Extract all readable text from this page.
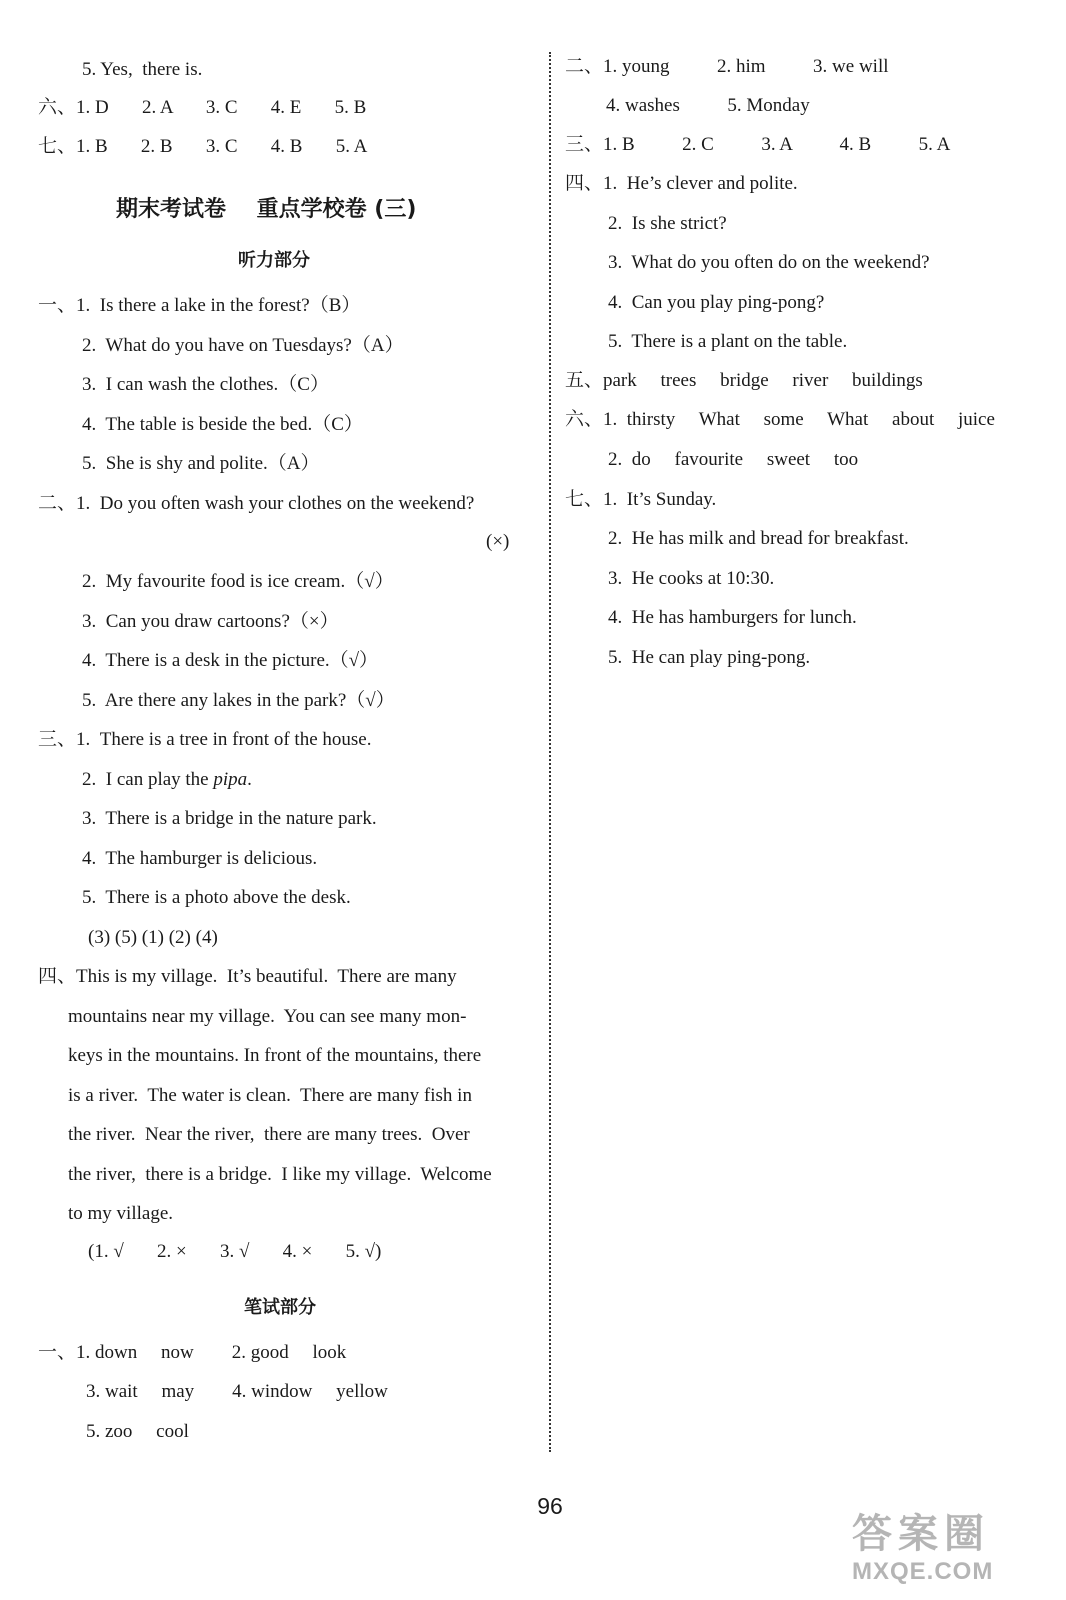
5. Yes,  there is.
六、1. D       2. A       3. C       4. E       5. B
七、1. B       2. B       3. C       4. B       5. A
期末考试卷    重点学校卷 (三)
听力部分
一、1.  Is there a lake in the forest?（B）
2.  What do you have on Tuesdays?（A）
3.  I can wash the clothes.（C）
4.  The table is beside the bed.（C）
5.  She is shy and polite.（A）
二、1.  Do you often wash your clothes on the weekend?
(×)
2.  My favourite food is ice cream.（√）
3.  Can you draw cartoons?（×）
4.  There is a desk in the picture.（√）
5.  Are there any lakes in the park?（√）
三、1.  There is a tree in front of the house.
2.  I can play the pipa.
3.  There is a bridge in the nature park.
4.  The hamburger is delicious.
5.  There is a photo above the desk.
(3) (5) (1) (2) (4)
四、This is my village.  It’s beautiful.  There are many
mountains near my village.  You can see many mon-
keys in the mountains. In front of the mountains, there
is a river.  The water is clean.  There are many fish in
the river.  Near the river,  there are many trees.  Over
the river,  there is a bridge.  I like my village.  Welcome
to my village.
(1. √       2. ×       3. √       4. ×       5. √)
笔试部分
一、1. down     now        2. good     look
3. wait     may        4. window     yellow
5. zoo     cool
二、1. young          2. him          3. we will
4. washes          5. Monday
三、1. B          2. C          3. A          4. B          5. A
四、1.  He’s clever and polite.
2.  Is she strict?
3.  What do you often do on the weekend?
4.  Can you play ping-pong?
5.  There is a plant on the table.
五、park     trees     bridge     river     buildings
六、1.  thirsty     What     some     What     about     juice
2.  do     favourite     sweet     too
七、1.  It’s Sunday.
2.  He has milk and bread for breakfast.
3.  He cooks at 10:30.
4.  He has hamburgers for lunch.
5.  He can play ping-pong.
96
答案圈
MXQE.COM
